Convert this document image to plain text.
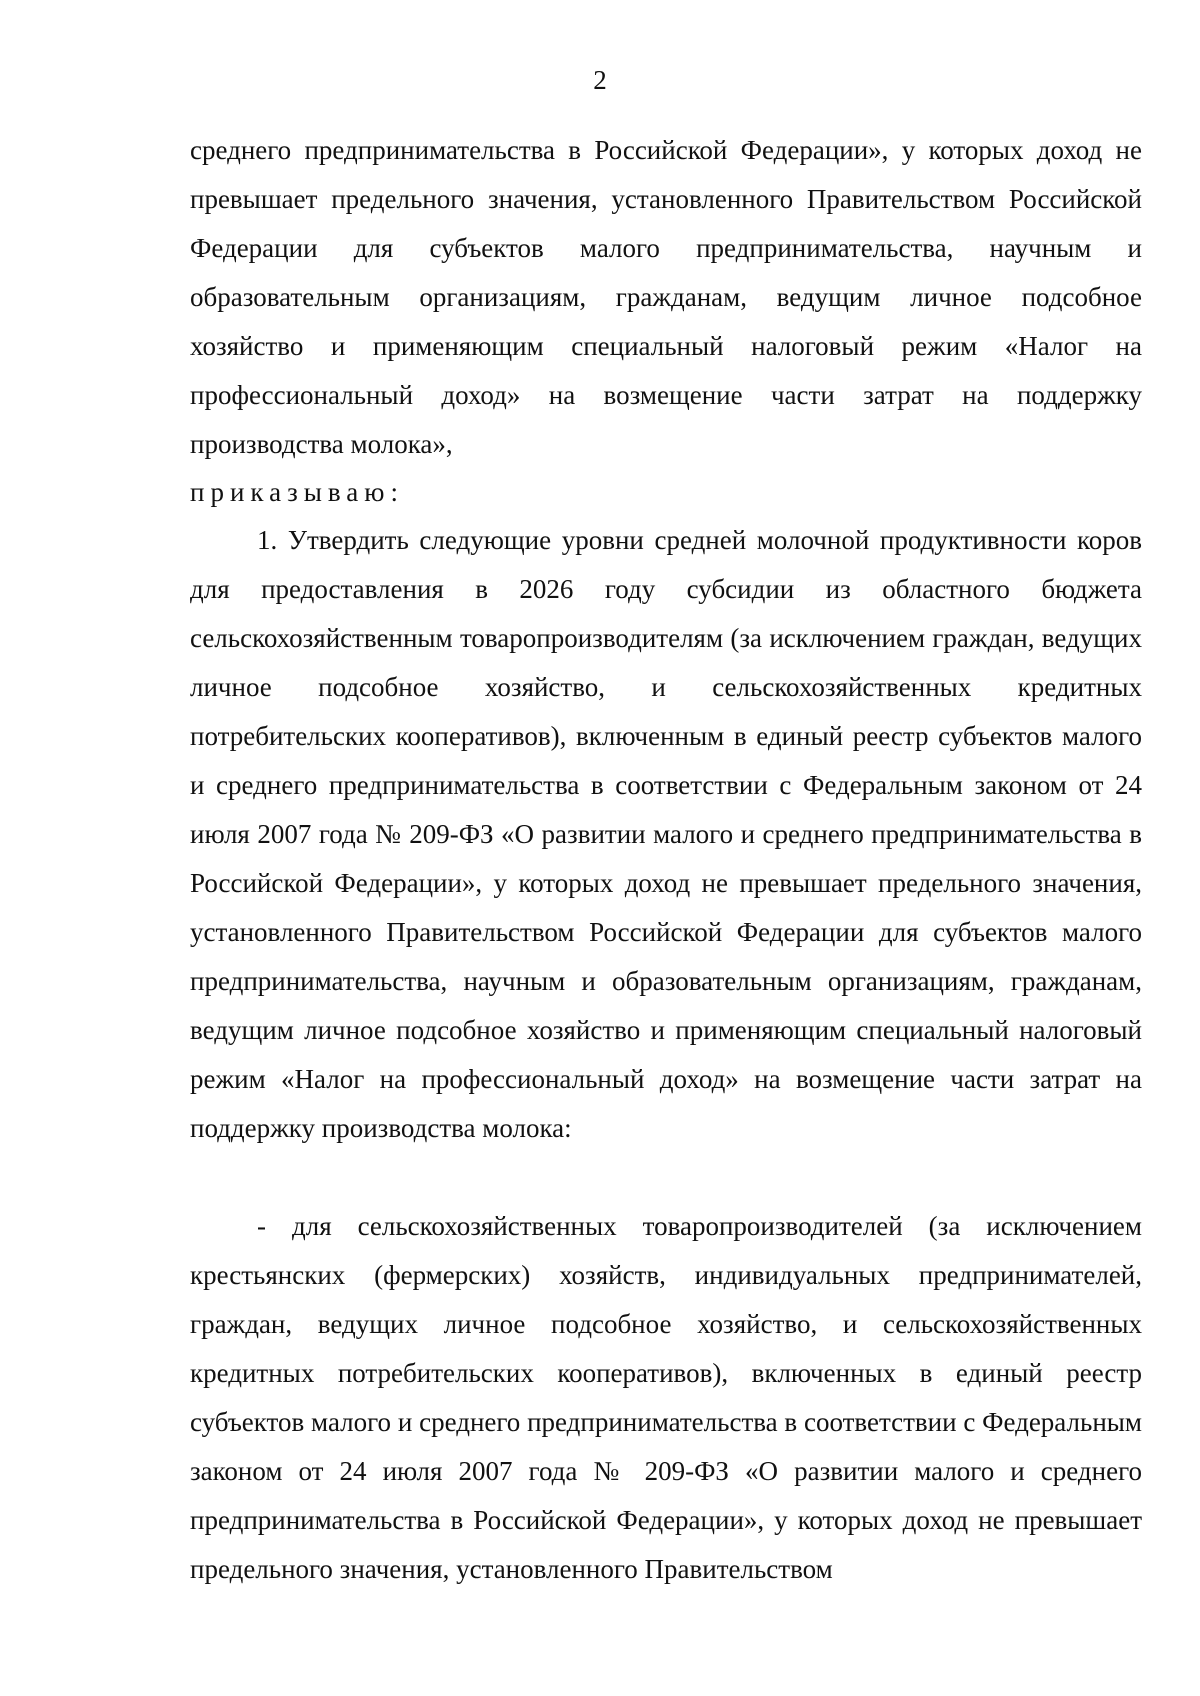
2

среднего предпринимательства в Российской Федерации», у которых доход не превышает предельного значения, установленного Правительством Российской Федерации для субъектов малого предпринимательства, научным и образовательным организациям, гражданам, ведущим личное подсобное хозяйство и применяющим специальный налоговый режим «Налог на профессиональный доход» на возмещение части затрат на поддержку производства молока»,

приказываю:

1. Утвердить следующие уровни средней молочной продуктивности коров для предоставления в 2026 году субсидии из областного бюджета сельскохозяйственным товаропроизводителям (за исключением граждан, ведущих личное подсобное хозяйство, и сельскохозяйственных кредитных потребительских кооперативов), включенным в единый реестр субъектов малого и среднего предпринимательства в соответствии с Федеральным законом от 24 июля 2007 года № 209-ФЗ «О развитии малого и среднего предпринимательства в Российской Федерации», у которых доход не превышает предельного значения, установленного Правительством Российской Федерации для субъектов малого предпринимательства, научным и образовательным организациям, гражданам, ведущим личное подсобное хозяйство и применяющим специальный налоговый режим «Налог на профессиональный доход» на возмещение части затрат на поддержку производства молока:

- для сельскохозяйственных товаропроизводителей (за исключением крестьянских (фермерских) хозяйств, индивидуальных предпринимателей, граждан, ведущих личное подсобное хозяйство, и сельскохозяйственных кредитных потребительских кооперативов), включенных в единый реестр субъектов малого и среднего предпринимательства в соответствии с Федеральным законом от 24 июля 2007 года № 209-ФЗ «О развитии малого и среднего предпринимательства в Российской Федерации», у которых доход не превышает предельного значения, установленного Правительством
